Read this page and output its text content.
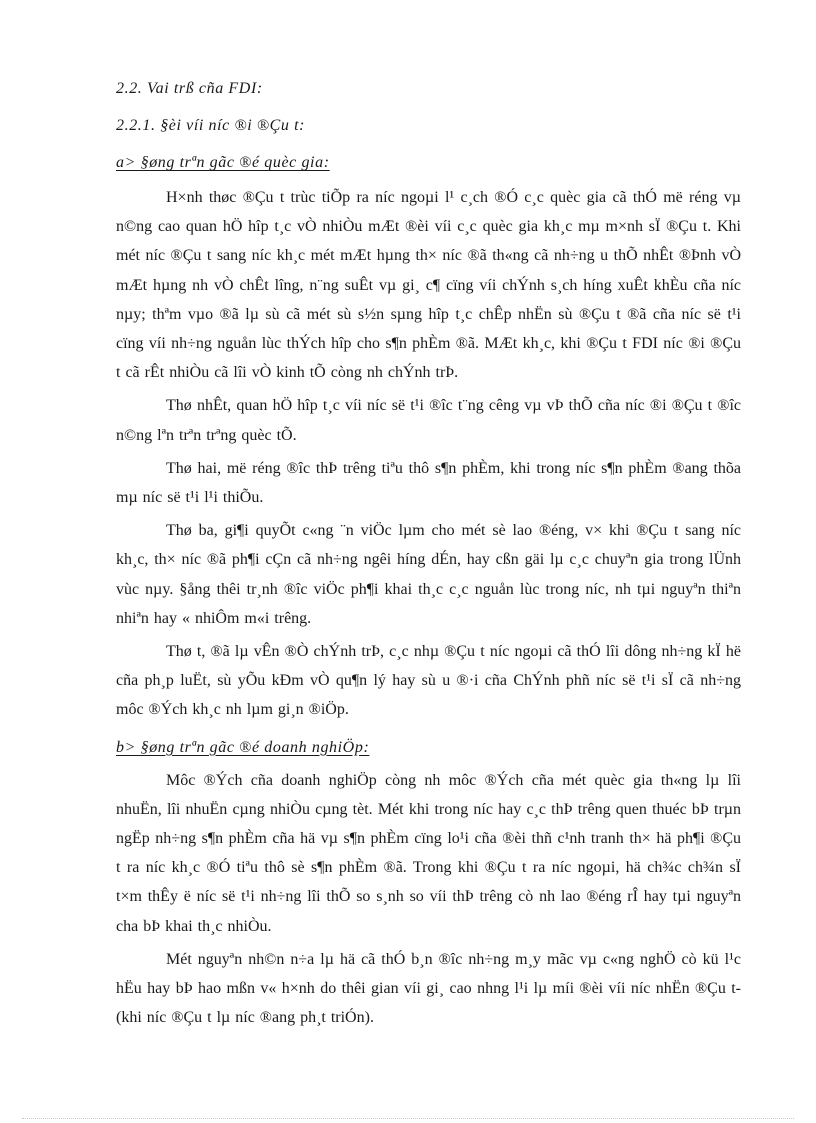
2.2. Vai trß cña FDI:

2.2.1. §èi víi níc ®i ®Çu t:

a> §øng trªn gãc ®é quèc gia:

H×nh thøc ®Çu t trùc tiÕp ra níc ngoµi l¹ c¸ch ®Ó c¸c quèc gia cã thÓ më réng vµ n©ng cao quan hÖ hîp t¸c vÒ nhiÒu mÆt ®èi víi c¸c quèc gia kh¸c mµ m×nh sÏ ®Çu t. Khi mét níc ®Çu t sang níc kh¸c mét mÆt hµng th× níc ®ã th«ng cã nh÷ng u thÕ nhÊt ®Þnh vÒ mÆt hµng nh vÒ chÊt lîng, n¨ng suÊt vµ gi¸ c¶ cïng víi chÝnh s¸ch híng xuÊt khÈu cña níc nµy; thªm vµo ®ã lµ sù cã mét sù s½n sµng hîp t¸c chÊp nhËn sù ®Çu t ®ã cña níc së t¹i cïng víi nh÷ng nguån lùc thÝch hîp cho s¶n phÈm ®ã. MÆt kh¸c, khi ®Çu t FDI níc ®i ®Çu t cã rÊt nhiÒu cã lîi vÒ kinh tÕ còng nh chÝnh trÞ.

Thø nhÊt, quan hÖ hîp t¸c víi níc së t¹i ®îc t¨ng cêng vµ vÞ thÕ cña níc ®i ®Çu t ®îc n©ng lªn trªn trªng quèc tÕ.

Thø hai, më réng ®îc thÞ trêng tiªu thô s¶n phÈm, khi trong níc s¶n phÈm ®ang thõa mµ níc së t¹i l¹i thiÕu.

Thø ba, gi¶i quyÕt c«ng ¨n viÖc lµm cho mét sè lao ®éng, v× khi ®Çu t sang níc kh¸c, th× níc ®ã ph¶i cÇn cã nh÷ng ngêi híng dÉn, hay cßn gäi lµ c¸c chuyªn gia trong lÜnh vùc nµy. §ång thêi tr¸nh ®îc viÖc ph¶i khai th¸c c¸c nguån lùc trong níc, nh tµi nguyªn thiªn nhiªn hay « nhiÔm m«i trêng.

Thø t, ®ã lµ vÊn ®Ò chÝnh trÞ, c¸c nhµ ®Çu t níc ngoµi cã thÓ lîi dông nh÷ng kÏ hë cña ph¸p luËt, sù yÕu kÐm vÒ qu¶n lý hay sù u ®·i cña ChÝnh phñ níc së t¹i sÏ cã nh÷ng môc ®Ých kh¸c nh lµm gi¸n ®iÖp.

b> §øng trªn gãc ®é doanh nghiÖp:

Môc ®Ých cña doanh nghiÖp còng nh môc ®Ých cña mét quèc gia th«ng lµ lîi nhuËn, lîi nhuËn cµng nhiÒu cµng tèt. Mét khi trong níc hay c¸c thÞ trêng quen thuéc bÞ trµn ngËp nh÷ng s¶n phÈm cña hä vµ s¶n phÈm cïng lo¹i cña ®èi thñ c¹nh tranh th× hä ph¶i ®Çu t ra níc kh¸c ®Ó tiªu thô sè s¶n phÈm ®ã. Trong khi ®Çu t ra níc ngoµi, hä ch¾c ch¾n sÏ t×m thÊy ë níc së t¹i nh÷ng lîi thÕ so s¸nh so víi thÞ trêng cò nh lao ®éng rÎ hay tµi nguyªn cha bÞ khai th¸c nhiÒu.

Mét nguyªn nh©n n÷a lµ hä cã thÓ b¸n ®îc nh÷ng m¸y mãc vµ c«ng nghÖ cò kü l¹c hËu hay bÞ hao mßn v« h×nh do thêi gian víi gi¸ cao nhng l¹i lµ míi ®èi víi níc nhËn ®Çu t (khi níc ®Çu t lµ níc ®ang ph¸t triÓn).
